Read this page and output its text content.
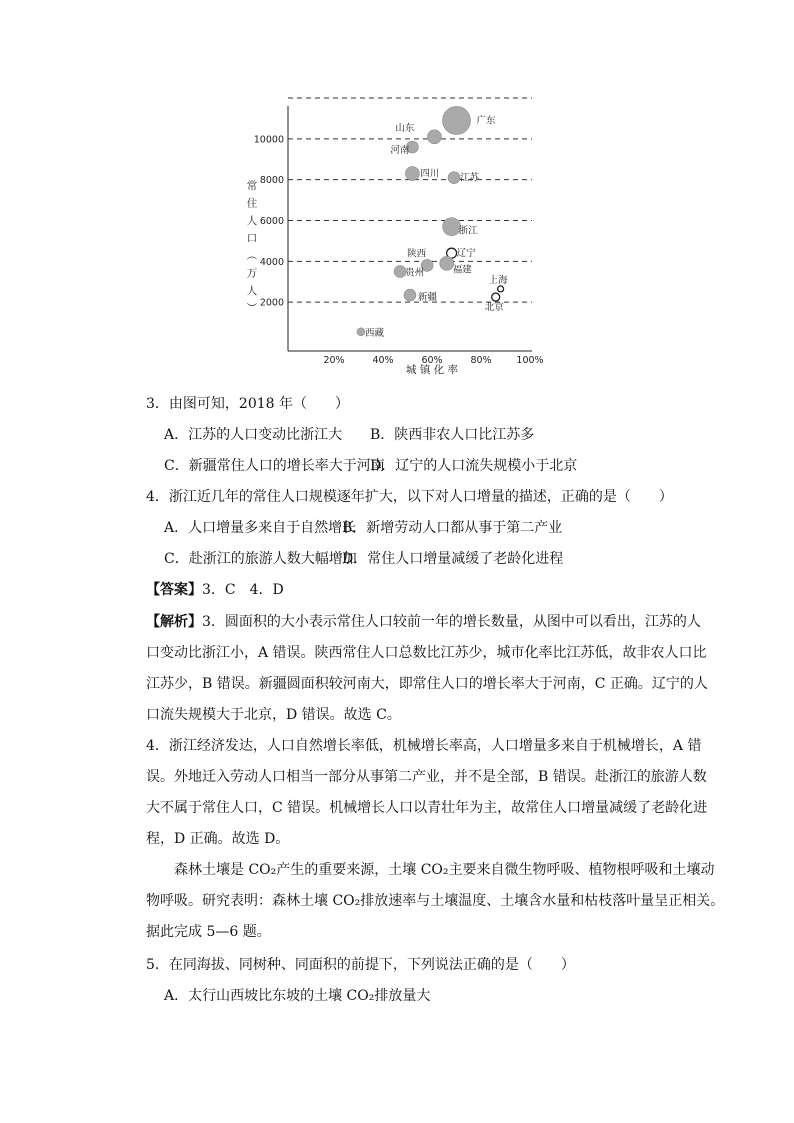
常
住
人
口
（
万
人
） 2000
4000
6000
8000
10000
20%	40%	60%	80%	100%
城 镇 化 率
广东
山东
河南
四川 江苏
浙江
辽宁
陕西
贵州	福建
上海
北京
新疆
西藏
3．由图可知，2018 年（　　）
A．江苏的人口变动比浙江大 B．陕西非农人口比江苏多
C．新疆常住人口的增长率大于河南
D．辽宁的人口流失规模小于北京
4．浙江近几年的常住人口规模逐年扩大，以下对人口增量的描述，正确的是（　　）
A．人口增量多来自于自然增长
B．新增劳动人口都从事于第二产业
C．赴浙江的旅游人数大幅增加
D．常住人口增量减缓了老龄化进程
【答案】3．C　4．D
【解析】3．圆面积的大小表示常住人口较前一年的增长数量，从图中可以看出，江苏的人
口变动比浙江小，A 错误。陕西常住人口总数比江苏少，城市化率比江苏低，故非农人口比
江苏少，B 错误。新疆圆面积较河南大，即常住人口的增长率大于河南，C 正确。辽宁的人
口流失规模大于北京，D 错误。故选 C。
4．浙江经济发达，人口自然增长率低，机械增长率高，人口增量多来自于机械增长，A 错
误。外地迁入劳动人口相当一部分从事第二产业，并不是全部，B 错误。赴浙江的旅游人数
大不属于常住人口，C 错误。机械增长人口以青壮年为主，故常住人口增量减缓了老龄化进
程，D 正确。故选 D。
森林土壤是 CO₂产生的重要来源，土壤 CO₂主要来自微生物呼吸、植物根呼吸和土壤动
物呼吸。研究表明：森林土壤 CO₂排放速率与土壤温度、土壤含水量和枯枝落叶量呈正相关。
据此完成 5—6 题。
5．在同海拔、同树种、同面积的前提下，下列说法正确的是（　　）
A．太行山西坡比东坡的土壤 CO₂排放量大
